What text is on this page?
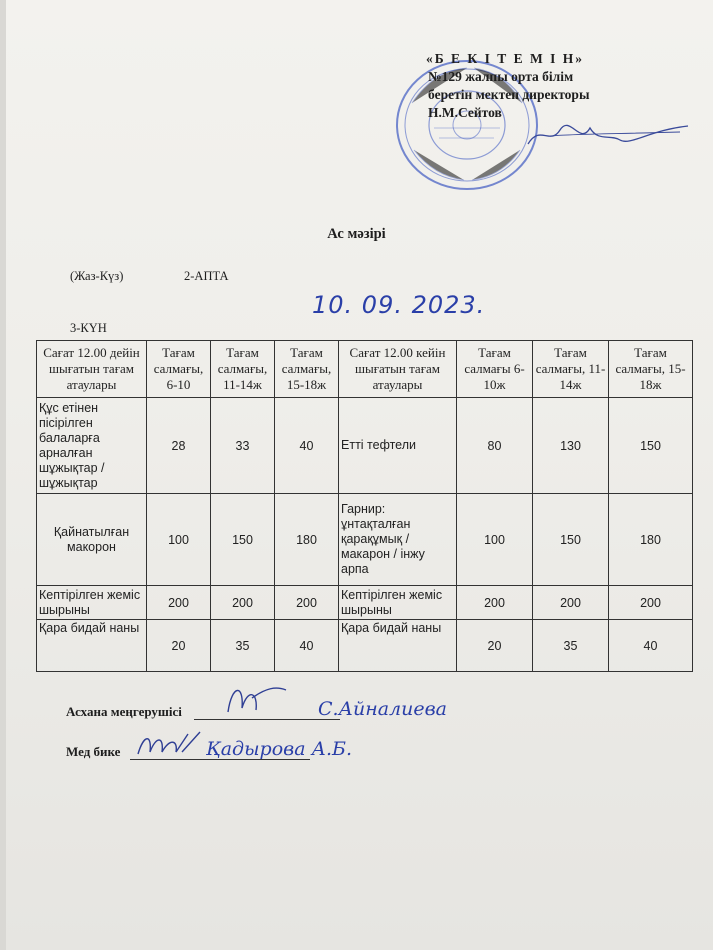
«Б Е К І Т Е М І Н»
№129 жалпы орта білім
беретін мектеп директоры
Н.М.Сейтов
Ас мәзірі
(Жаз-Күз)	2-АПТА
3-КҮН
10. 09. 2023.
Сағат 12.00 дейін шығатын тағам атаулары	Тағам салмағы, 6-10	Тағам салмағы, 11-14ж	Тағам салмағы, 15-18ж	Сағат 12.00 кейін шығатын тағам атаулары	Тағам салмағы 6-10ж	Тағам салмағы, 11-14ж	Тағам салмағы, 15-18ж
Құс етінен пісірілген балаларға арналған шұжықтар / шұжықтар	28	33	40	Етті тефтели	80	130	150
Қайнатылған макорон	100	150	180	Гарнир: ұнтақталған қарақұмық / макарон / інжу арпа	100	150	180
Кептірілген жеміс шырыны	200	200	200	Кептірілген жеміс шырыны	200	200	200
Қара бидай наны	20	35	40	Қара бидай наны	20	35	40
Асхана меңгерушісі	С.Айналиева
Мед бике	Қадырова А.Б.
